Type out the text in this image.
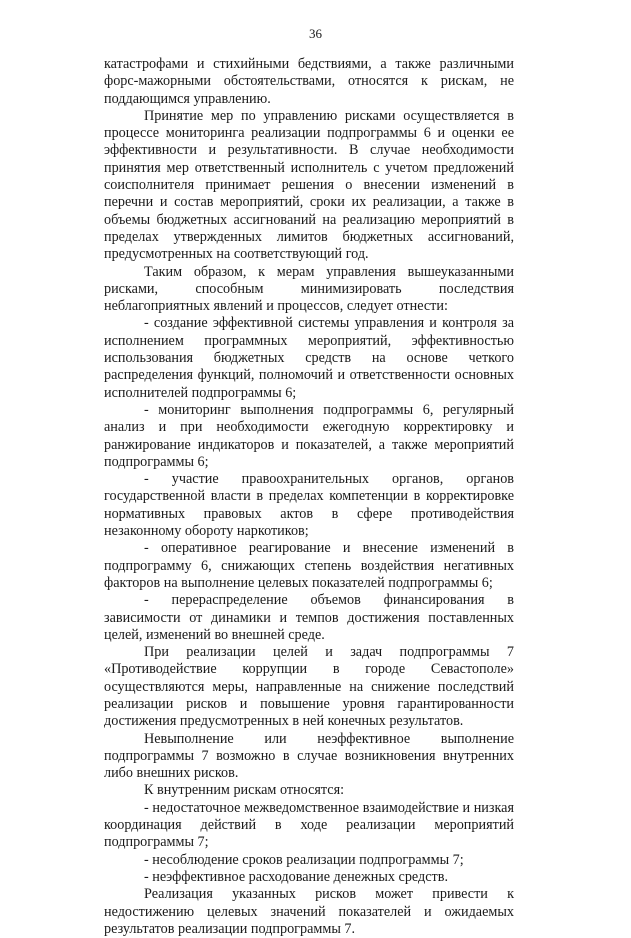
36

катастрофами и стихийными бедствиями, а также различными форс-мажорными обстоятельствами, относятся к рискам, не поддающимся управлению.

Принятие мер по управлению рисками осуществляется в процессе мониторинга реализации подпрограммы 6 и оценки ее эффективности и результативности. В случае необходимости принятия мер ответственный исполнитель с учетом предложений соисполнителя принимает решения о внесении изменений в перечни и состав мероприятий, сроки их реализации, а также в объемы бюджетных ассигнований на реализацию мероприятий в пределах утвержденных лимитов бюджетных ассигнований, предусмотренных на соответствующий год.

Таким образом, к мерам управления вышеуказанными рисками, способным минимизировать последствия неблагоприятных явлений и процессов, следует отнести:

- создание эффективной системы управления и контроля за исполнением программных мероприятий, эффективностью использования бюджетных средств на основе четкого распределения функций, полномочий и ответственности основных исполнителей подпрограммы 6;

- мониторинг выполнения подпрограммы 6, регулярный анализ и при необходимости ежегодную корректировку и ранжирование индикаторов и показателей, а также мероприятий подпрограммы 6;

- участие правоохранительных органов, органов государственной власти в пределах компетенции в корректировке нормативных правовых актов в сфере противодействия незаконному обороту наркотиков;

- оперативное реагирование и внесение изменений в подпрограмму 6, снижающих степень воздействия негативных факторов на выполнение целевых показателей подпрограммы 6;

- перераспределение объемов финансирования в зависимости от динамики и темпов достижения поставленных целей, изменений во внешней среде.

При реализации целей и задач подпрограммы 7 «Противодействие коррупции в городе Севастополе» осуществляются меры, направленные на снижение последствий реализации рисков и повышение уровня гарантированности достижения предусмотренных в ней конечных результатов.

Невыполнение или неэффективное выполнение подпрограммы 7 возможно в случае возникновения внутренних либо внешних рисков.

К внутренним рискам относятся:

- недостаточное межведомственное взаимодействие и низкая координация действий в ходе реализации мероприятий подпрограммы 7;

- несоблюдение сроков реализации подпрограммы 7;

- неэффективное расходование денежных средств.

Реализация указанных рисков может привести к недостижению целевых значений показателей и ожидаемых результатов реализации подпрограммы 7.
